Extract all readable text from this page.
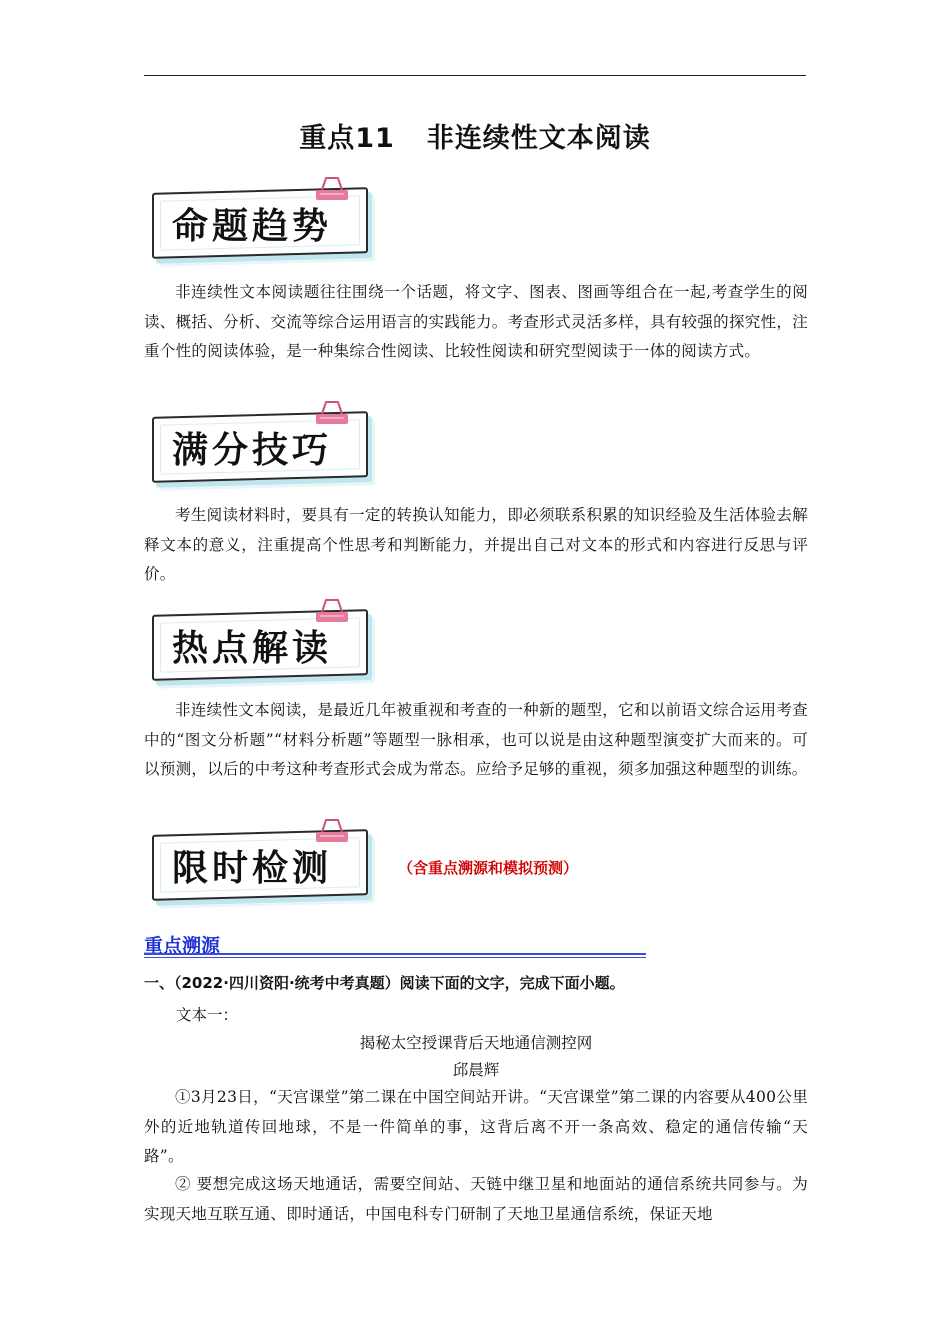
重点11 非连续性文本阅读
命题趋势
非连续性文本阅读题往往围绕一个话题，将文字、图表、图画等组合在一起,考查学生的阅读、概括、分析、交流等综合运用语言的实践能力。考查形式灵活多样，具有较强的探究性，注重个性的阅读体验，是一种集综合性阅读、比较性阅读和研究型阅读于一体的阅读方式。
满分技巧
考生阅读材料时，要具有一定的转换认知能力，即必须联系积累的知识经验及生活体验去解释文本的意义，注重提高个性思考和判断能力，并提出自己对文本的形式和内容进行反思与评价。
热点解读
非连续性文本阅读，是最近几年被重视和考查的一种新的题型，它和以前语文综合运用考查中的“图文分析题”“材料分析题”等题型一脉相承，也可以说是由这种题型演变扩大而来的。可以预测，以后的中考这种考查形式会成为常态。应给予足够的重视，须多加强这种题型的训练。
限时检测	（含重点溯源和模拟预测）
重点溯源
一、（2022·四川资阳·统考中考真题）阅读下面的文字，完成下面小题。
文本一：
揭秘太空授课背后天地通信测控网
邱晨辉
①3月23日，“天宫课堂”第二课在中国空间站开讲。“天宫课堂”第二课的内容要从400公里外的近地轨道传回地球，不是一件简单的事，这背后离不开一条高效、稳定的通信传输“天路”。
② 要想完成这场天地通话，需要空间站、天链中继卫星和地面站的通信系统共同参与。为实现天地互联互通、即时通话，中国电科专门研制了天地卫星通信系统，保证天地
